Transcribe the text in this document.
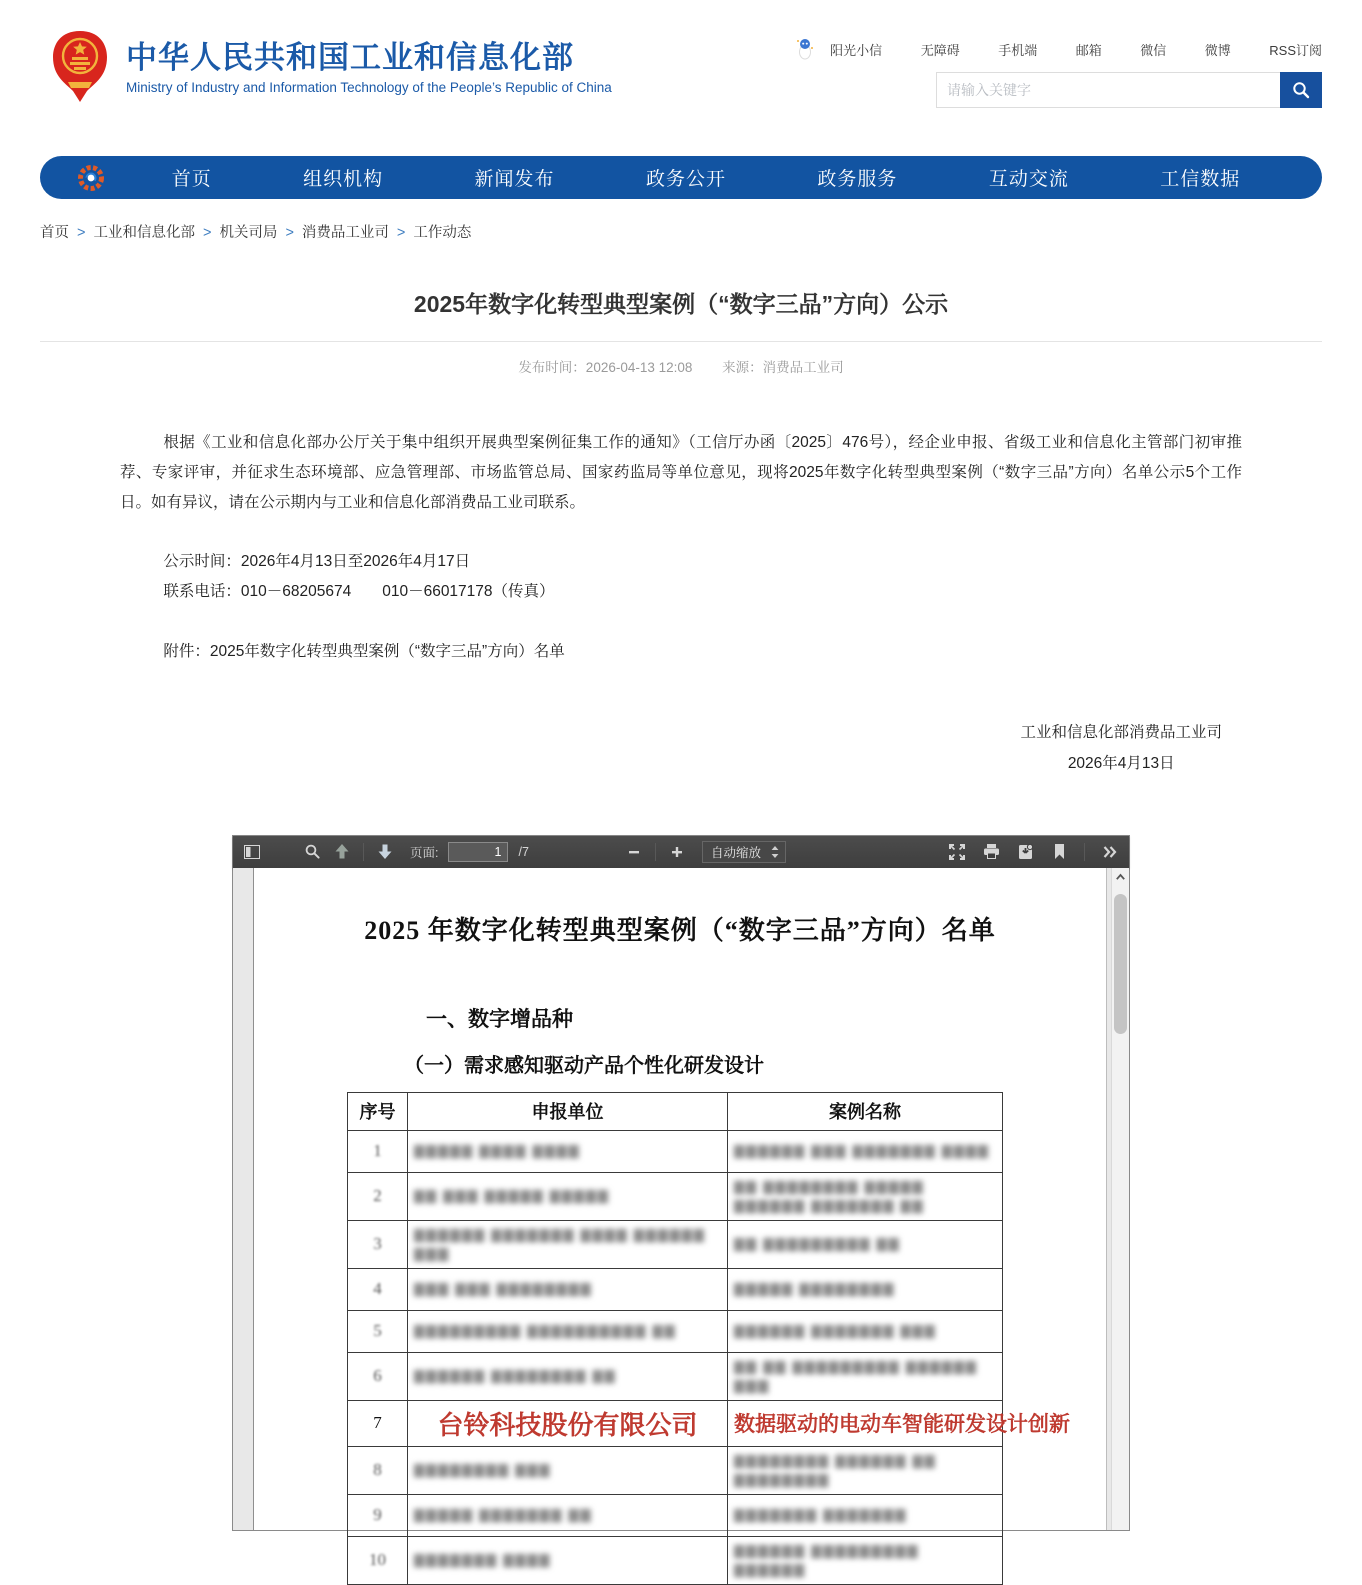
中华人民共和国工业和信息化部
Ministry of Industry and Information Technology of the People’s Republic of China
阳光小信
 	无障碍
 	手机端
 	邮箱
 	微信
 	微博
 	RSS订阅
请输入关键字
首页	组织机构	新闻发布	政务公开	政务服务	互动交流	工信数据
首页 > 工业和信息化部 > 机关司局 > 消费品工业司 > 工作动态
2025年数字化转型典型案例（“数字三品”方向）公示
发布时间：2026-04-13 12:08 来源：消费品工业司

根据《工业和信息化部办公厅关于集中组织开展典型案例征集工作的通知》（工信厅办函〔2025〕476号），经企业申报、省级工业和信息化主管部门初审推荐、专家评审，并征求生态环境部、应急管理部、市场监管总局、国家药监局等单位意见，现将2025年数字化转型典型案例（“数字三品”方向）名单公示5个工作日。如有异议，请在公示期内与工业和信息化部消费品工业司联系。

公示时间：2026年4月13日至2026年4月17日

联系电话：010－68205674　　010－66017178（传真）

附件：2025年数字化转型典型案例（“数字三品”方向）名单

工业和信息化部消费品工业司
2026年4月13日
页面:
1	/7	自动缩放
2025 年数字化转型典型案例（“数字三品”方向）名单
一、数字增品种
（一）需求感知驱动产品个性化研发设计
序号	申报单位	案例名称
1	▇▇▇▇▇ ▇▇▇▇ ▇▇▇▇	▇▇▇▇▇▇ ▇▇▇ ▇▇▇▇▇▇▇ ▇▇▇▇
2	▇▇ ▇▇▇ ▇▇▇▇▇ ▇▇▇▇▇	▇▇ ▇▇▇▇▇▇▇▇ ▇▇▇▇▇ ▇▇▇▇▇▇ ▇▇▇▇▇▇▇ ▇▇
3	▇▇▇▇▇▇ ▇▇▇▇▇▇▇ ▇▇▇▇ ▇▇▇▇▇▇ ▇▇▇	▇▇ ▇▇▇▇▇▇▇▇▇ ▇▇
4	▇▇▇ ▇▇▇ ▇▇▇▇▇▇▇▇	▇▇▇▇▇ ▇▇▇▇▇▇▇▇
5	▇▇▇▇▇▇▇▇▇ ▇▇▇▇▇▇▇▇▇▇ ▇▇	▇▇▇▇▇▇ ▇▇▇▇▇▇▇ ▇▇▇
6	▇▇▇▇▇▇ ▇▇▇▇▇▇▇▇ ▇▇	▇▇ ▇▇ ▇▇▇▇▇▇▇▇▇ ▇▇▇▇▇▇ ▇▇▇
7	台铃科技股份有限公司	数据驱动的电动车智能研发设计创新
8	▇▇▇▇▇▇▇▇ ▇▇▇	▇▇▇▇▇▇▇▇ ▇▇▇▇▇▇ ▇▇ ▇▇▇▇▇▇▇▇
9	▇▇▇▇▇ ▇▇▇▇▇▇▇ ▇▇	▇▇▇▇▇▇▇ ▇▇▇▇▇▇▇
10	▇▇▇▇▇▇▇ ▇▇▇▇	▇▇▇▇▇▇ ▇▇▇▇▇▇▇▇▇ ▇▇▇▇▇▇
